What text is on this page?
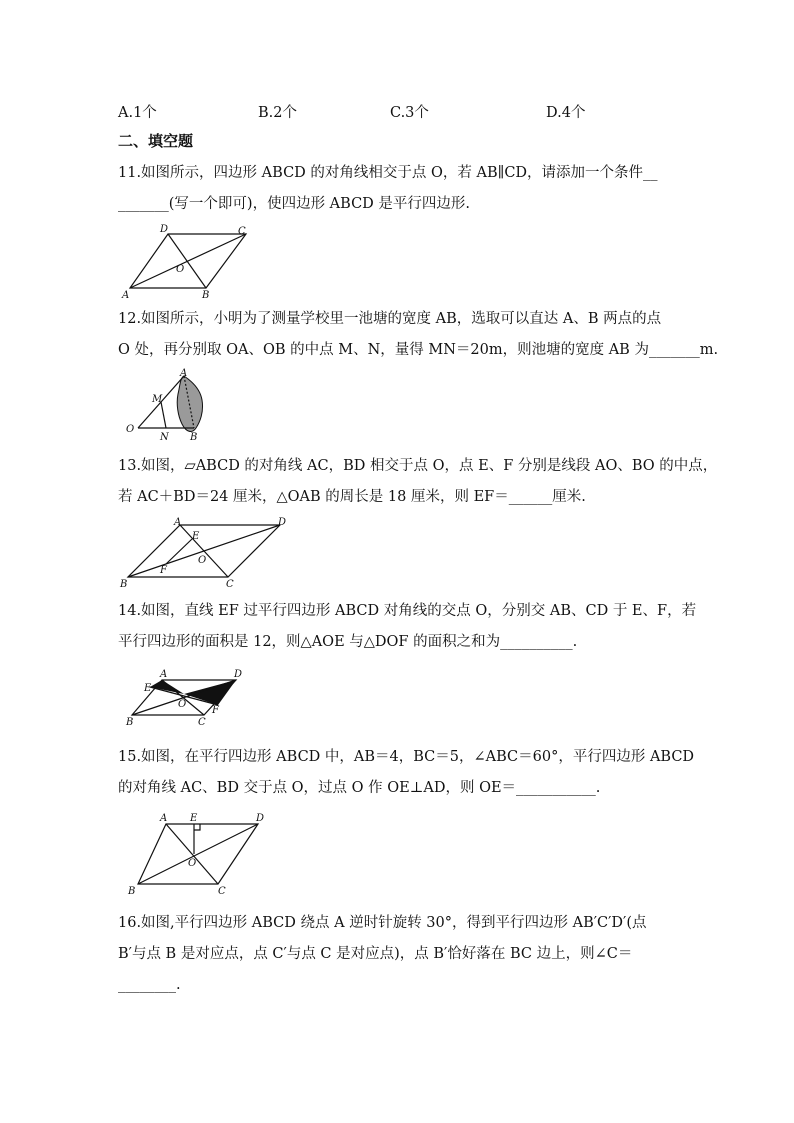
A.1个	B.2个	C.3个	D.4个
二、填空题
11.如图所示，四边形 ABCD 的对角线相交于点 O，若 AB∥CD，请添加一个条件__
_______(写一个即可)，使四边形 ABCD 是平行四边形.
A	B
C
D
O
12.如图所示，小明为了测量学校里一池塘的宽度 AB，选取可以直达 A、B 两点的点
O 处，再分别取 OA、OB 的中点 M、N，量得 MN＝20m，则池塘的宽度 AB 为_______m.
A
B
O
M
N
13.如图，▱ABCD 的对角线 AC，BD 相交于点 O，点 E、F 分别是线段 AO、BO 的中点，
若 AC＋BD＝24 厘米，△OAB 的周长是 18 厘米，则 EF＝______厘米.
B	C
D
A
E
F
O
14.如图，直线 EF 过平行四边形 ABCD 对角线的交点 O，分别交 AB、CD 于 E、F，若
平行四边形的面积是 12，则△AOE 与△DOF 的面积之和为__________.
A	D
E
F
O
B	C
15.如图，在平行四边形 ABCD 中，AB＝4，BC＝5，∠ABC＝60°，平行四边形 ABCD
的对角线 AC、BD 交于点 O，过点 O 作 OE⊥AD，则 OE＝___________.
A E	D
O
B	C
16.如图,平行四边形 ABCD 绕点 A 逆时针旋转 30°，得到平行四边形 AB′C′D′(点
B′与点 B 是对应点，点 C′与点 C 是对应点)，点 B′恰好落在 BC 边上，则∠C＝
________.
